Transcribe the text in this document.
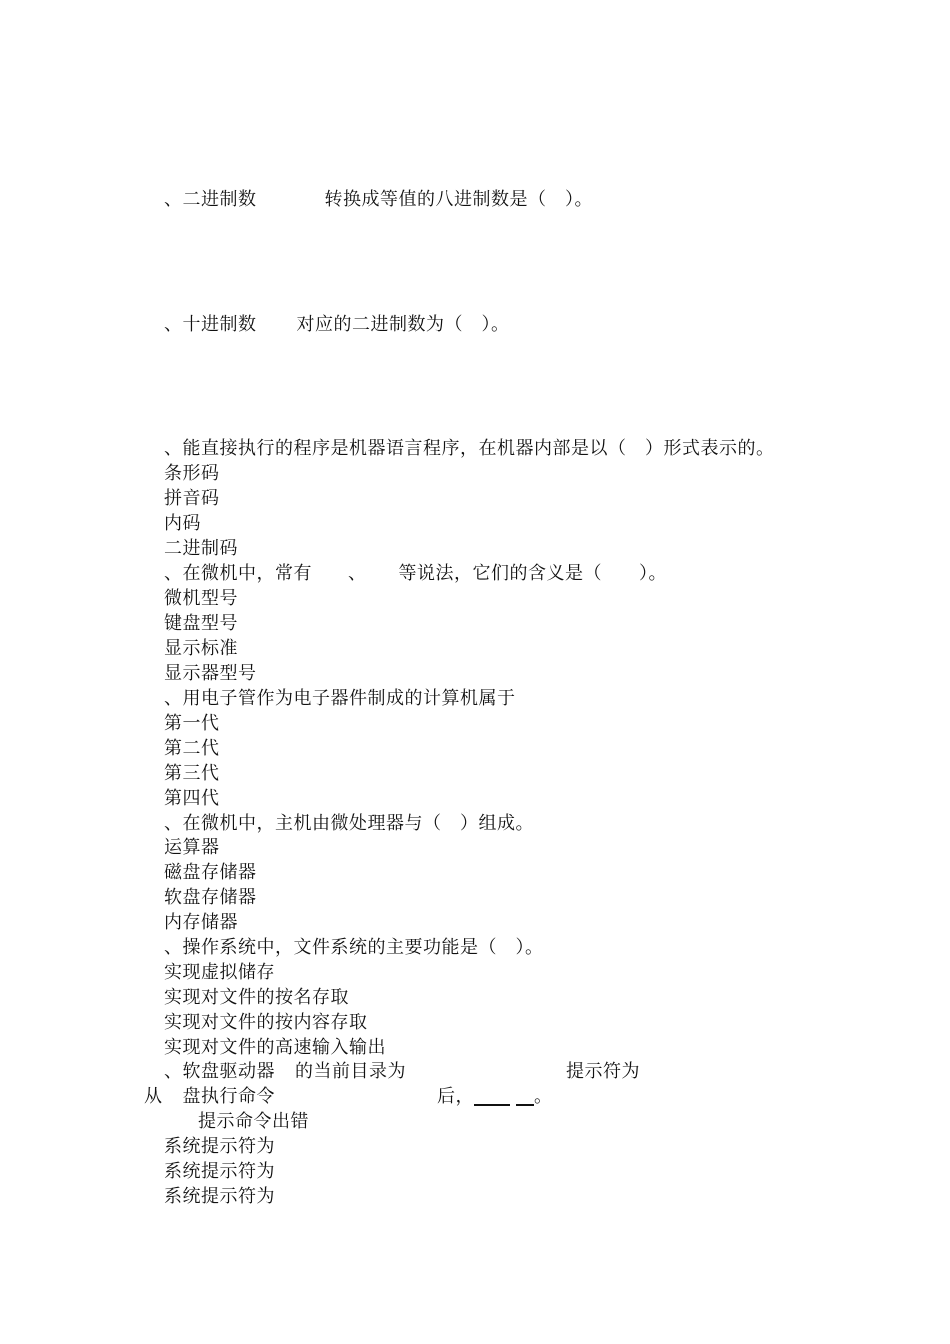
、二进制数	转换成等值的八进制数是（　）。
、十进制数 对应的二进制数为（　）。
、能直接执行的程序是机器语言程序，在机器内部是以（　）形式表示的。
条形码
拼音码
内码
二进制码
、在微机中，常有 、 等说法，它们的含义是（　　）。
微机型号
键盘型号
显示标准
显示器型号
、用电子管作为电子器件制成的计算机属于
第一代
第二代
第三代
第四代
、在微机中，主机由微处理器与（　）组成。
运算器
磁盘存储器
软盘存储器
内存储器
、操作系统中，文件系统的主要功能是（　）。
实现虚拟储存
实现对文件的按名存取
实现对文件的按内容存取
实现对文件的高速输入输出
、软盘驱动器 的当前目录为	提示符为
从 盘执行命令	后，	。
提示命令出错
系统提示符为
系统提示符为
系统提示符为
